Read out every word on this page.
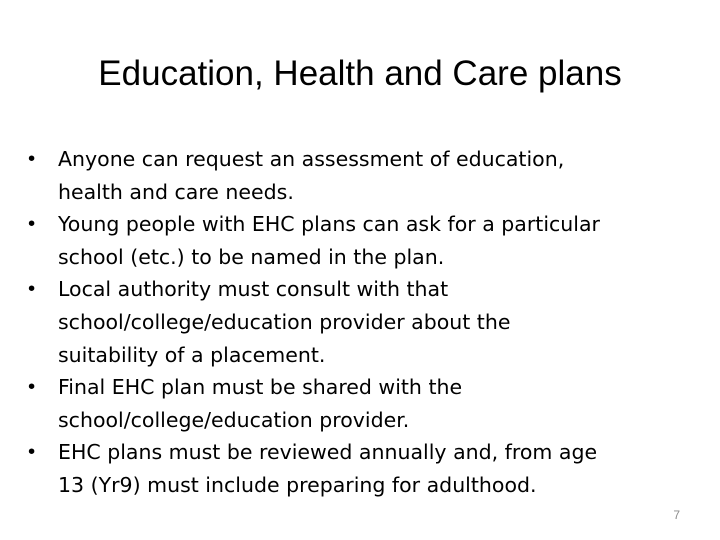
Education, Health and Care plans
•	Anyone can request an assessment of education,
health and care needs.
•	Young people with EHC plans can ask for a particular
school (etc.) to be named in the plan.
•	Local authority must consult with that
school/college/education provider about the
suitability of a placement.
•	Final EHC plan must be shared with the
school/college/education provider.
•	EHC plans must be reviewed annually and, from age
13 (Yr9) must include preparing for adulthood.
7
